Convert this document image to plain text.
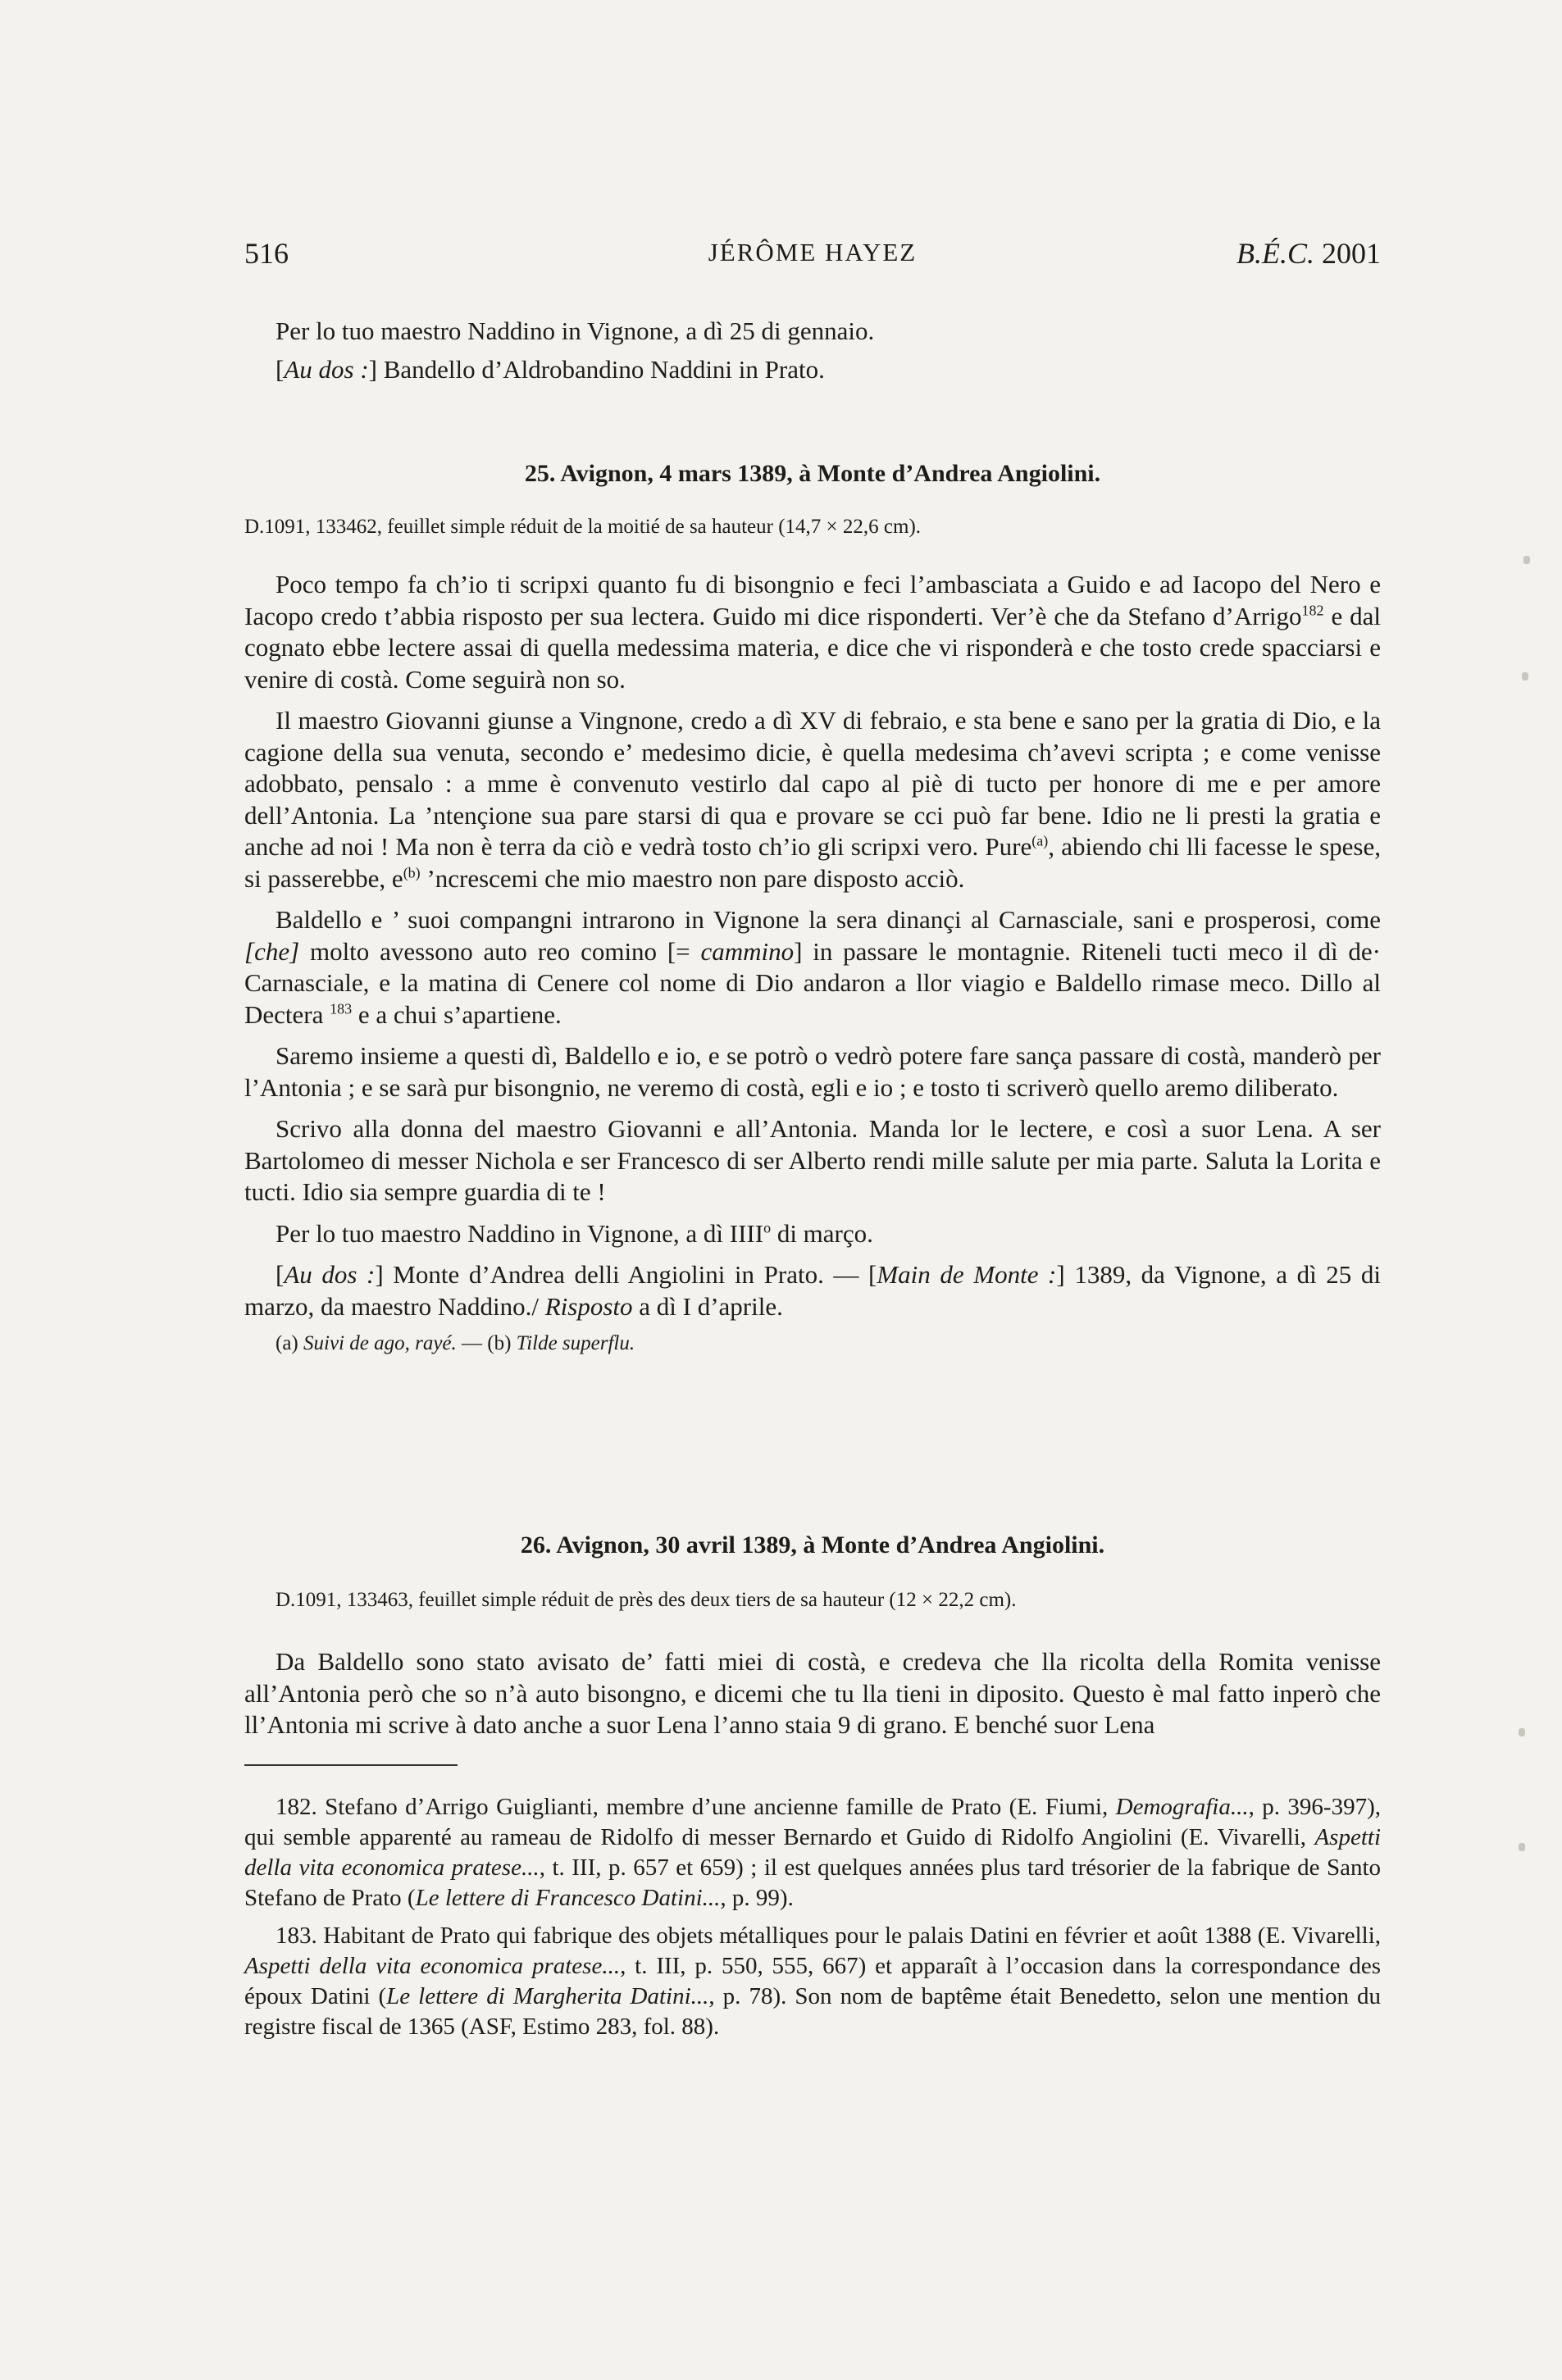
516	JÉRÔME HAYEZ	B.É.C. 2001

Per lo tuo maestro Naddino in Vignone, a dì 25 di gennaio.

[Au dos :] Bandello d’Aldrobandino Naddini in Prato.

25. Avignon, 4 mars 1389, à Monte d’Andrea Angiolini.

D.1091, 133462, feuillet simple réduit de la moitié de sa hauteur (14,7 × 22,6 cm).

Poco tempo fa ch’io ti scripxi quanto fu di bisongnio e feci l’ambasciata a Guido e ad Iacopo del Nero e Iacopo credo t’abbia risposto per sua lectera. Guido mi dice risponderti. Ver’è che da Stefano d’Arrigo$^{182}$ e dal cognato ebbe lectere assai di quella medessima materia, e dice che vi risponderà e che tosto crede spacciarsi e venire di costà. Come seguirà non so.

Il maestro Giovanni giunse a Vingnone, credo a dì XV di febraio, e sta bene e sano per la gratia di Dio, e la cagione della sua venuta, secondo e’ medesimo dicie, è quella medesima ch’avevi scripta ; e come venisse adobbato, pensalo : a mme è convenuto vestirlo dal capo al piè di tucto per honore di me e per amore dell’Antonia. La ’ntençione sua pare starsi di qua e provare se cci può far bene. Idio ne li presti la gratia e anche ad noi ! Ma non è terra da ciò e vedrà tosto ch’io gli scripxi vero. Pure$^{(a)}$, abiendo chi lli facesse le spese, si passerebbe, $e^{(b)}$ ’ncrescemi che mio maestro non pare disposto acciò.

Baldello e ’ suoi compangni intrarono in Vignone la sera dinançi al Carnasciale, sani e prosperosi, come [che] molto avessono auto reo comino [= cammino] in passare le montagnie. Riteneli tucti meco il dì de· Carnasciale, e la matina di Cenere col nome di Dio andaron a llor viagio e Baldello rimase meco. Dillo al Dectera $^{183}$ e a chui s’apartiene.

Saremo insieme a questi dì, Baldello e io, e se potrò o vedrò potere fare sança passare di costà, manderò per l’Antonia ; e se sarà pur bisongnio, ne veremo di costà, egli e io ; e tosto ti scriverò quello aremo diliberato.

Scrivo alla donna del maestro Giovanni e all’Antonia. Manda lor le lectere, e così a suor Lena. A ser Bartolomeo di messer Nichola e ser Francesco di ser Alberto rendi mille salute per mia parte. Saluta la Lorita e tucti. Idio sia sempre guardia di te !

Per lo tuo maestro Naddino in Vignone, a dì IIII$^o$ di março.

[Au dos :] Monte d’Andrea delli Angiolini in Prato. — [Main de Monte :] 1389, da Vignone, a dì 25 di marzo, da maestro Naddino./ Risposto a dì I d’aprile.

(a) Suivi de ago, rayé. — (b) Tilde superflu.

26. Avignon, 30 avril 1389, à Monte d’Andrea Angiolini.

D.1091, 133463, feuillet simple réduit de près des deux tiers de sa hauteur (12 × 22,2 cm).

Da Baldello sono stato avisato de’ fatti miei di costà, e credeva che lla ricolta della Romita venisse all’Antonia però che so n’à auto bisongno, e dicemi che tu lla tieni in diposito. Questo è mal fatto inperò che ll’Antonia mi scrive à dato anche a suor Lena l’anno staia 9 di grano. E benché suor Lena

182. Stefano d’Arrigo Guiglianti, membre d’une ancienne famille de Prato (E. Fiumi, Demografia..., p. 396-397), qui semble apparenté au rameau de Ridolfo di messer Bernardo et Guido di Ridolfo Angiolini (E. Vivarelli, Aspetti della vita economica pratese..., t. III, p. 657 et 659) ; il est quelques années plus tard trésorier de la fabrique de Santo Stefano de Prato (Le lettere di Francesco Datini..., p. 99).

183. Habitant de Prato qui fabrique des objets métalliques pour le palais Datini en février et août 1388 (E. Vivarelli, Aspetti della vita economica pratese..., t. III, p. 550, 555, 667) et apparaît à l’occasion dans la correspondance des époux Datini (Le lettere di Margherita Datini..., p. 78). Son nom de baptême était Benedetto, selon une mention du registre fiscal de 1365 (ASF, Estimo 283, fol. 88).
